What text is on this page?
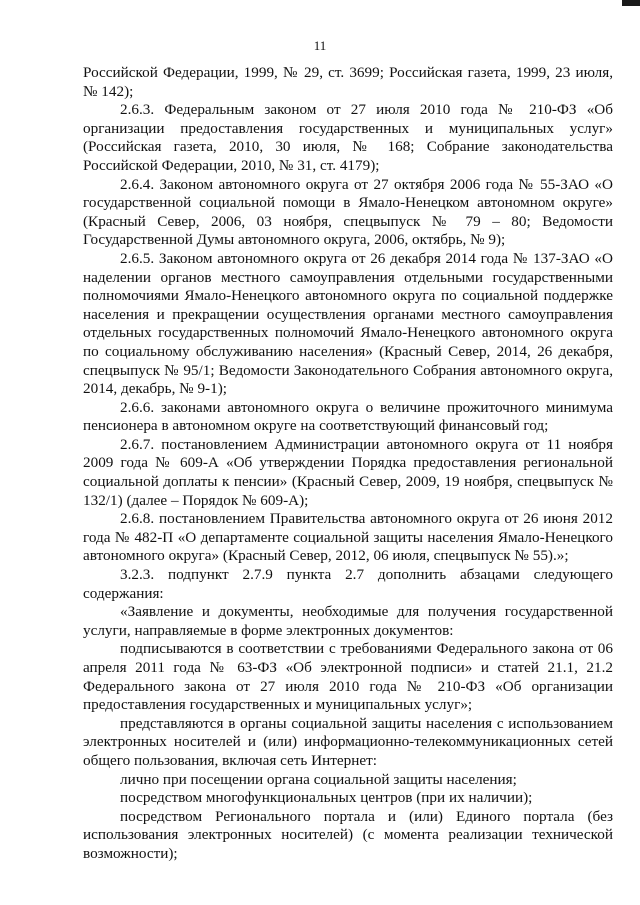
11

Российской Федерации, 1999, № 29, ст. 3699; Российская газета, 1999, 23 июля, № 142);

2.6.3. Федеральным законом от 27 июля 2010 года № 210-ФЗ «Об организации предоставления государственных и муниципальных услуг» (Российская газета, 2010, 30 июля, № 168; Собрание законодательства Российской Федерации, 2010, № 31, ст. 4179);

2.6.4. Законом автономного округа от 27 октября 2006 года № 55-ЗАО «О государственной социальной помощи в Ямало-Ненецком автономном округе» (Красный Север, 2006, 03 ноября, спецвыпуск № 79 – 80; Ведомости Государственной Думы автономного округа, 2006, октябрь, № 9);

2.6.5. Законом автономного округа от 26 декабря 2014 года № 137-ЗАО «О наделении органов местного самоуправления отдельными государственными полномочиями Ямало-Ненецкого автономного округа по социальной поддержке населения и прекращении осуществления органами местного самоуправления отдельных государственных полномочий Ямало-Ненецкого автономного округа по социальному обслуживанию населения» (Красный Север, 2014, 26 декабря, спецвыпуск № 95/1; Ведомости Законодательного Собрания автономного округа, 2014, декабрь, № 9-1);

2.6.6. законами автономного округа о величине прожиточного минимума пенсионера в автономном округе на соответствующий финансовый год;

2.6.7. постановлением Администрации автономного округа от 11 ноября 2009 года № 609-А «Об утверждении Порядка предоставления региональной социальной доплаты к пенсии» (Красный Север, 2009, 19 ноября, спецвыпуск № 132/1) (далее – Порядок № 609-А);

2.6.8. постановлением Правительства автономного округа от 26 июня 2012 года № 482-П «О департаменте социальной защиты населения Ямало-Ненецкого автономного округа» (Красный Север, 2012, 06 июля, спецвыпуск № 55).»;

3.2.3. подпункт 2.7.9 пункта 2.7 дополнить абзацами следующего содержания:

«Заявление и документы, необходимые для получения государственной услуги, направляемые в форме электронных документов:

подписываются в соответствии с требованиями Федерального закона от 06 апреля 2011 года № 63-ФЗ «Об электронной подписи» и статей 21.1, 21.2 Федерального закона от 27 июля 2010 года № 210-ФЗ «Об организации предоставления государственных и муниципальных услуг»;

представляются в органы социальной защиты населения с использованием электронных носителей и (или) информационно-телекоммуникационных сетей общего пользования, включая сеть Интернет:

лично при посещении органа социальной защиты населения;

посредством многофункциональных центров (при их наличии);

посредством Регионального портала и (или) Единого портала (без использования электронных носителей) (с момента реализации технической возможности);
